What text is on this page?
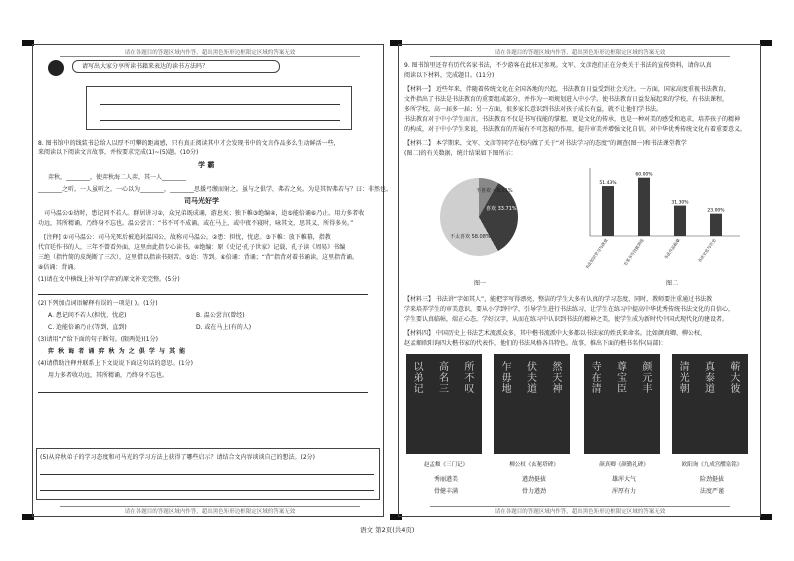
请在各题目的答题区域内作答，超出黑色矩形边框限定区域的答案无效	请在各题目的答题区域内作答，超出黑色矩形边框限定区域的答案无效
请在各题目的答题区域内作答，超出黑色矩形边框限定区域的答案无效	请在各题目的答题区域内作答，超出黑色矩形边框限定区域的答案无效
语文 第2页(共4页)
请写出大家分享所读书籍来表达的读书方法吗？
8. 图书馆中的线装书总给人以厚不可攀的距离感，只有真正阅读其中才会发现书中的文言作品多么生动鲜活一些，
来阅读以下阅读文言故事，并按要求完成(1)~(5)题。(10分)
学 霸
弈秋，________，使弈秋海二人弈，其一人________
________之听。一人虽听之，一心以为________，________思援弓缴而射之。虽与之俱学，弗若之矣。为是其智弗若与？曰：非然也。
司马光好学
司马温公①幼时，患记问不若人。群居讲习②，众兄弟既成诵，游息矣；独下帷③绝编④，迨⑤能倍诵⑥乃止。用力多者收
功远，其所精诵，乃终身不忘也。温公尝言：“书不可不成诵。或在马上，或中夜不寝时，咏其文，思其义，所得多矣。”
[注释] ①司马温公：司马光死后被追封温国公，故称司马温公。②患：担忧，忧虑。③下帷：放下帷幕，指教
代宫廷作书的人，三年不曾看外面，这里由此指专心读书。④绝编：原《史记·孔子世家》记载，孔子读《周易》书编
三绝（指竹简的皮绳断了三次），这里借以指读书刻苦。⑤迨：等到。⑥倍诵：背诵；“背”指背对着书诵读，这里指背诵。
⑧倍诵：背诵。
(1)请在文中横线上补写(学弈)的原文补充完整。(5分)
(2)下列加点词语解释有误的一项是( )。(1分)
A. 患记问不若人(担忧，忧虑)	B. 温公尝言(曾经)
C. 迨能倍诵乃止(等到，直到)	D. 或在马上(有的人)
(3)请用“/”给下面的句子断句。(限两处)(1分)
弈 秋 诲 者 诵 弈 秋 为 之 俱 学 与 其 能
(4)请借助注释并联系上下文说说下面这句话的意思。(1分)
用力多者收功远，其所精诵，乃终身不忘也。
(5)从弈秋弟子的学习态度和司马光的学习方法上获得了哪些启示？请结合文内容谈谈自己的想法。(2分)
9. 图书馆里还存有历代名家书法，不少游客在此驻足参观。文军、文彦泡们正在分类关于书法的宣传资料，请你认真
阅读以下材料，完成题目。(11分)
【材料一】 近些年来，伴随着传统文化在全国各地的兴起，书法教育日益受到社会关注。一方面，国家高度重视书法教育，
文件指出了书法是书法教育的重要组成部分，并作为一项规划进入中小学。使书法教育日益发展起来的学校，有书法课程，
多所学校，高一届多一届；另一方面，很多家长意识到书法对孩子成长有益，就不让他们学书法。
书法教育对于中小学生而言，书法教育不仅是书写技能的掌握，更是文化的传承，也是一种对美的感受和追求，培养孩子的精神
的构成，对于中小学生来说，书法教育的开展有不可忽视的作用，提升审美并增强文化自信，对中华优秀传统文化有着重要意义。
【材料二】 本学期来，文军、文彦等同学在校内做了关于“对书法学习的态度”的调查(图一)和书法课堂教学
(图二)的有关数据，统计结果如下图所示：
不喜欢 ~8.21%
喜欢 33.71%
不太喜欢 58.08%
图一
51.43%
书法知识学习与欣赏
60.00%
毛笔书写技能训练
31.30%
书法作品临摹
23.00%
书法文化与历史
图二
【材料三】 书法讲“字如其人”，能把字写得漂亮、整洁的学生大多有认真的学习态度，同时，教师要注重通过书法教
学来培养学生的审美意识，要从小学到中学，引导学生进行书法练习，让学生在练习中提高中华优秀传统书法文化的自信心，
学生要认真临帖，端正心态，学好汉字，从而在练习中认识到书法的精神之美，使学生成为新时代中国式现代化的建设者。
【材料四】 中国历史上书法艺术流派众多，其中楷书流派中大多都以书法家的姓氏来命名。比如颜真卿、柳公权、
赵孟頫欧阳询四大楷书家的代表作，他们的书法风格各具特色。故事，推出下面的楷书名作(局部)：
所
不
叹
高
名
三
以
弟
记
赵孟頫《三门记》
秀丽遒美
骨健丰满
然
天
神
伏
夫
道
乍
毋
地
柳公权《玄秘塔碑》
遒劲挺拔
骨力遒劲
颜
元
丰
尊
宝
臣
寺
在
清
颜真卿《颜勤礼碑》
雄浑大气
浑厚有力
蕲
大
彼
真
泰
道
清
光
朝
欧阳询《九成宫醴泉铭》
险劲挺拔
法度严谨
